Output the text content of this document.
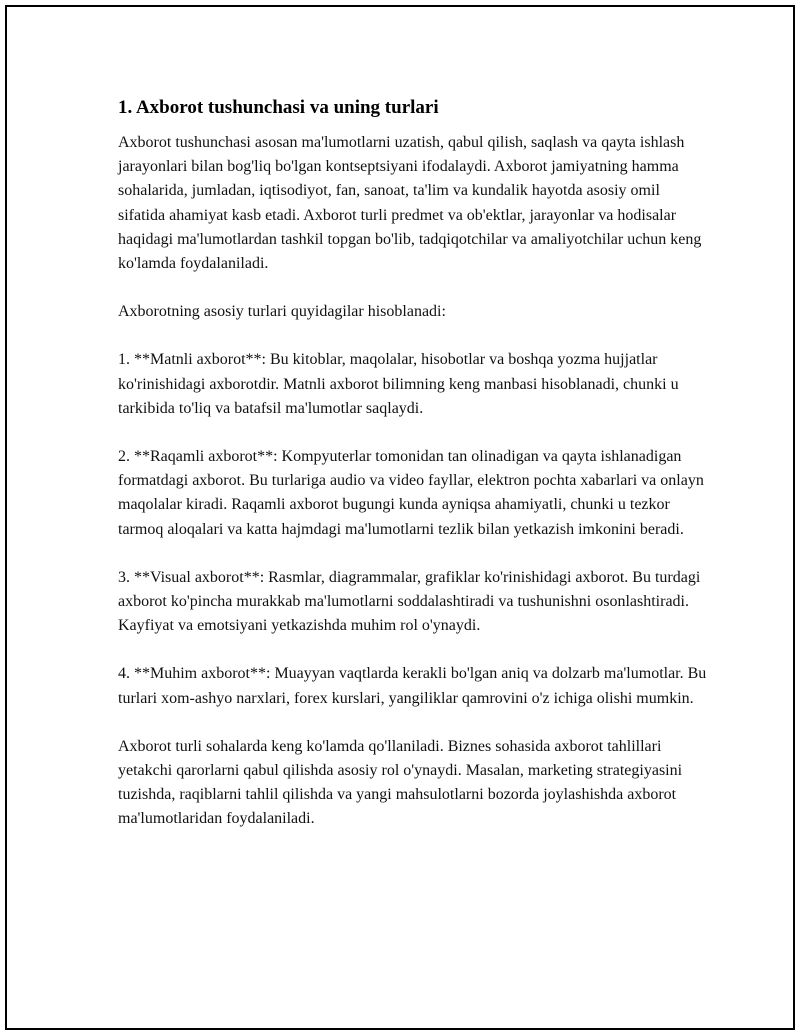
1. Axborot tushunchasi va uning turlari

Axborot tushunchasi asosan ma'lumotlarni uzatish, qabul qilish, saqlash va qayta ishlash jarayonlari bilan bog'liq bo'lgan kontseptsiyani ifodalaydi. Axborot jamiyatning hamma sohalarida, jumladan, iqtisodiyot, fan, sanoat, ta'lim va kundalik hayotda asosiy omil sifatida ahamiyat kasb etadi. Axborot turli predmet va ob'ektlar, jarayonlar va hodisalar haqidagi ma'lumotlardan tashkil topgan bo'lib, tadqiqotchilar va amaliyotchilar uchun keng ko'lamda foydalaniladi.

Axborotning asosiy turlari quyidagilar hisoblanadi:

1. **Matnli axborot**: Bu kitoblar, maqolalar, hisobotlar va boshqa yozma hujjatlar ko'rinishidagi axborotdir. Matnli axborot bilimning keng manbasi hisoblanadi, chunki u tarkibida to'liq va batafsil ma'lumotlar saqlaydi.

2. **Raqamli axborot**: Kompyuterlar tomonidan tan olinadigan va qayta ishlanadigan formatdagi axborot. Bu turlariga audio va video fayllar, elektron pochta xabarlari va onlayn maqolalar kiradi. Raqamli axborot bugungi kunda ayniqsa ahamiyatli, chunki u tezkor tarmoq aloqalari va katta hajmdagi ma'lumotlarni tezlik bilan yetkazish imkonini beradi.

3. **Visual axborot**: Rasmlar, diagrammalar, grafiklar ko'rinishidagi axborot. Bu turdagi axborot ko'pincha murakkab ma'lumotlarni soddalashtiradi va tushunishni osonlashtiradi. Kayfiyat va emotsiyani yetkazishda muhim rol o'ynaydi.

4. **Muhim axborot**: Muayyan vaqtlarda kerakli bo'lgan aniq va dolzarb ma'lumotlar. Bu turlari xom-ashyo narxlari, forex kurslari, yangiliklar qamrovini o'z ichiga olishi mumkin.

Axborot turli sohalarda keng ko'lamda qo'llaniladi. Biznes sohasida axborot tahlillari yetakchi qarorlarni qabul qilishda asosiy rol o'ynaydi. Masalan, marketing strategiyasini tuzishda, raqiblarni tahlil qilishda va yangi mahsulotlarni bozorda joylashishda axborot ma'lumotlaridan foydalaniladi.
